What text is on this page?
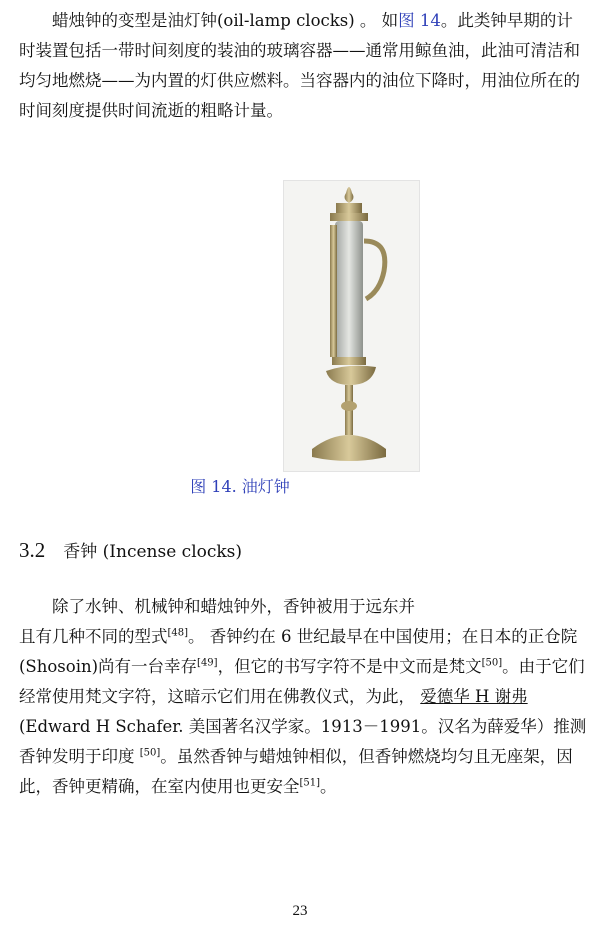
蜡烛钟的变型是油灯钟(oil-lamp clocks) 。 如图 14。此类钟早期的计时装置包括一带时间刻度的装油的玻璃容器——通常用鲸鱼油，此油可清洁和均匀地燃烧——为内置的灯供应燃料。当容器内的油位下降时，用油位所在的时间刻度提供时间流逝的粗略计量。

图 14. 油灯钟
3.2 香钟 (Incense clocks)

除了水钟、机械钟和蜡烛钟外，香钟被用于远东并
且有几种不同的型式[48]。 香钟约在 6 世纪最早在中国使用；在日本的正仓院(Shosoin)尚有一台幸存[49]，但它的书写字符不是中文而是梵文[50]。由于它们经常使用梵文字符，这暗示它们用在佛教仪式，为此， 爱德华 H 谢弗(Edward H Schafer. 美国著名汉学家。1913－1991。汉名为薛爱华）推测香钟发明于印度 [50]。虽然香钟与蜡烛钟相似，但香钟燃烧均匀且无座架，因此，香钟更精确，在室内使用也更安全[51]。

23
